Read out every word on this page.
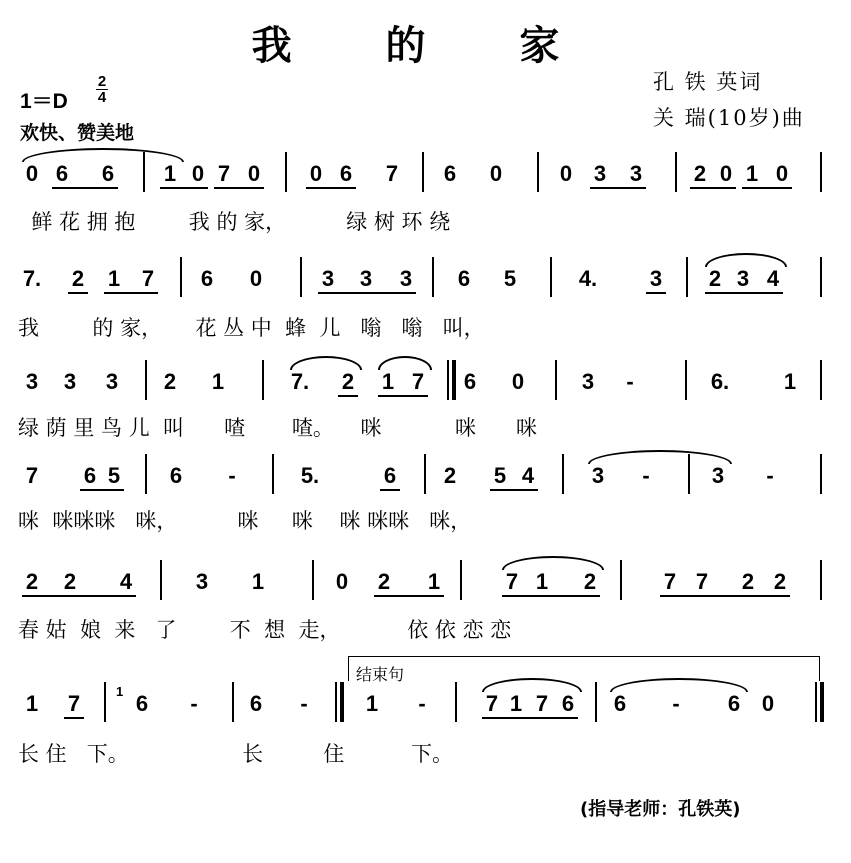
我 的 家
孔 铁 英词
关 瑞(10岁)曲
1＝D
2
4
欢快、赞美地
0 6 6 1 0 7 0 0 6 7 6 0	0 3 3 2 0 1 0
鲜 花 拥 抱        我 的 家，         绿 树 环 绕
7. 2 1 7 6 0	3 3 3 6 5	4. 3 2 3 4
我        的 家，     花 丛 中  蜂  儿   嗡   嗡   叫，
3 3 3 2 1	7. 2 1 7 6 0	3 -	6. 1
绿 荫 里 鸟 儿  叫      喳       喳。    咪           咪      咪
7 6 5 6 -	5.	6 2 5 4	3 -	3 -
咪  咪咪咪   咪，         咪     咪    咪 咪咪   咪，
2 2 4	3 1	0 2 1	7 1 2	7 7 2 2
春 姑  娘  来   了        不  想  走，          依 依 恋 恋
1 7	6 - 6 -	1 -	7 1 7 6 6 - 6 0
长 住   下。                 长         住          下。
1
结束句
(指导老师：孔铁英)
